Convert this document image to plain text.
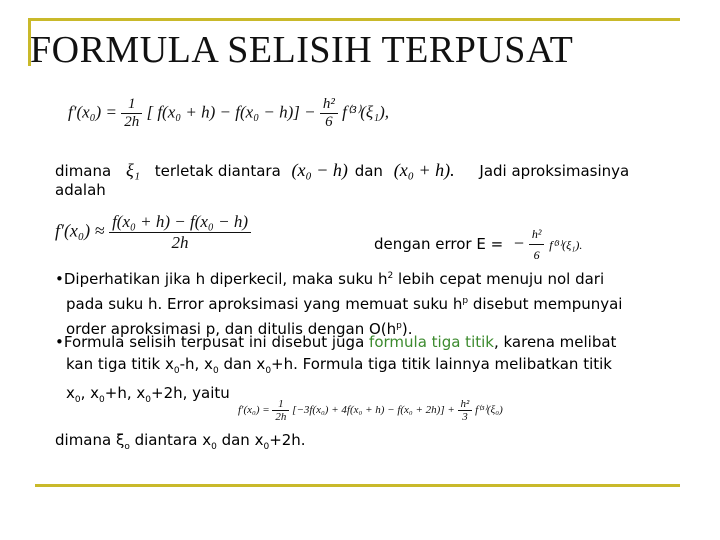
FORMULA SELISIH TERPUSAT
$f'(x_0) = \frac{1}{2h}$ [ $f(x_0 + h) - f(x_0 - h)] - \frac{\text{h²}}{6} f^{(3)}(\xi_1)$,
dimana ξ₁ terletak diantara (x₀ − h) dan (x₀ + h). Jadi aproksimasinya
adalah
$f'(x_0) \approx \frac{\text{f(x₀ + h) − f(x₀ − h)}}{2h}$	dengan error E = − $\frac{\text{h²}}{6} f^{(3)}(\xi_1)$.
•Diperhatikan jika h diperkecil, maka suku $h^2$ lebih cepat menuju nol dari
pada suku h. Error aproksimasi yang memuat suku $h^p$ disebut mempunyai
order aproksimasi p, dan ditulis dengan $O(h^p)$.
•Formula selisih terpusat ini disebut juga formula tiga titik, karena melibat
kan tiga titik $x_0-h$, $x_0$ dan $x_0+h$. Formula tiga titik lainnya melibatkan titik
$x_0$, $x_0+h$, $x_0+2h$, yaitu
$f'(x_0) = \frac{1}{2h} [-3f(x_0) + 4f(x_0 + h) - f(x_0 + 2h)] + \frac{\text{h²}}{3} f^{(3)}(\xi_0)$
dimana $\xi_o$ diantara $x_0$ dan $x_0+2h$.
